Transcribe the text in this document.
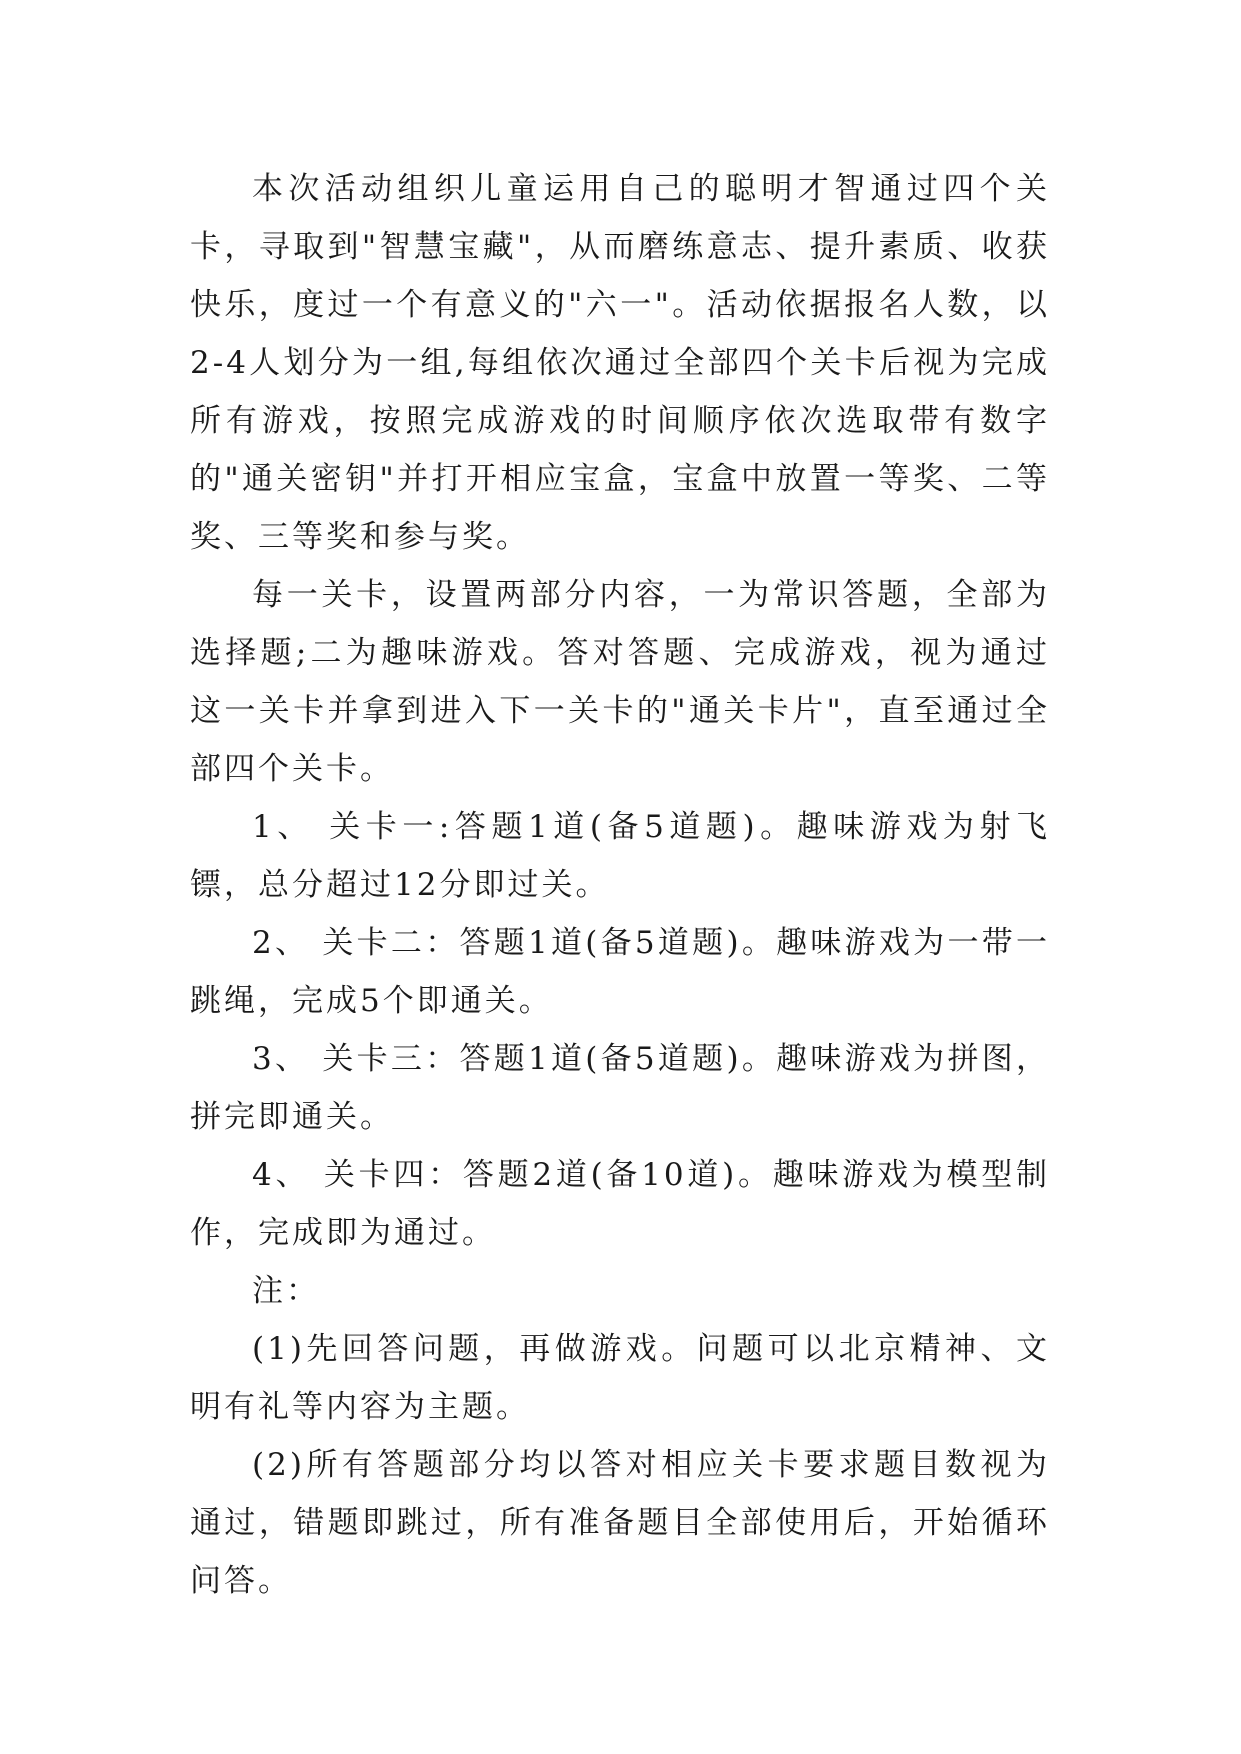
本次活动组织儿童运用自己的聪明才智通过四个关卡，寻取到"智慧宝藏"，从而磨练意志、提升素质、收获快乐，度过一个有意义的"六一"。活动依据报名人数，以2-4人划分为一组,每组依次通过全部四个关卡后视为完成所有游戏，按照完成游戏的时间顺序依次选取带有数字的"通关密钥"并打开相应宝盒，宝盒中放置一等奖、二等奖、三等奖和参与奖。

每一关卡，设置两部分内容，一为常识答题，全部为选择题;二为趣味游戏。答对答题、完成游戏，视为通过这一关卡并拿到进入下一关卡的"通关卡片"，直至通过全部四个关卡。

1、 关卡一:答题1道(备5道题)。趣味游戏为射飞镖，总分超过12分即过关。

2、 关卡二：答题1道(备5道题)。趣味游戏为一带一跳绳，完成5个即通关。

3、 关卡三：答题1道(备5道题)。趣味游戏为拼图，拼完即通关。

4、 关卡四：答题2道(备10道)。趣味游戏为模型制作，完成即为通过。

注：

(1)先回答问题，再做游戏。问题可以北京精神、文明有礼等内容为主题。

(2)所有答题部分均以答对相应关卡要求题目数视为通过，错题即跳过，所有准备题目全部使用后，开始循环问答。
